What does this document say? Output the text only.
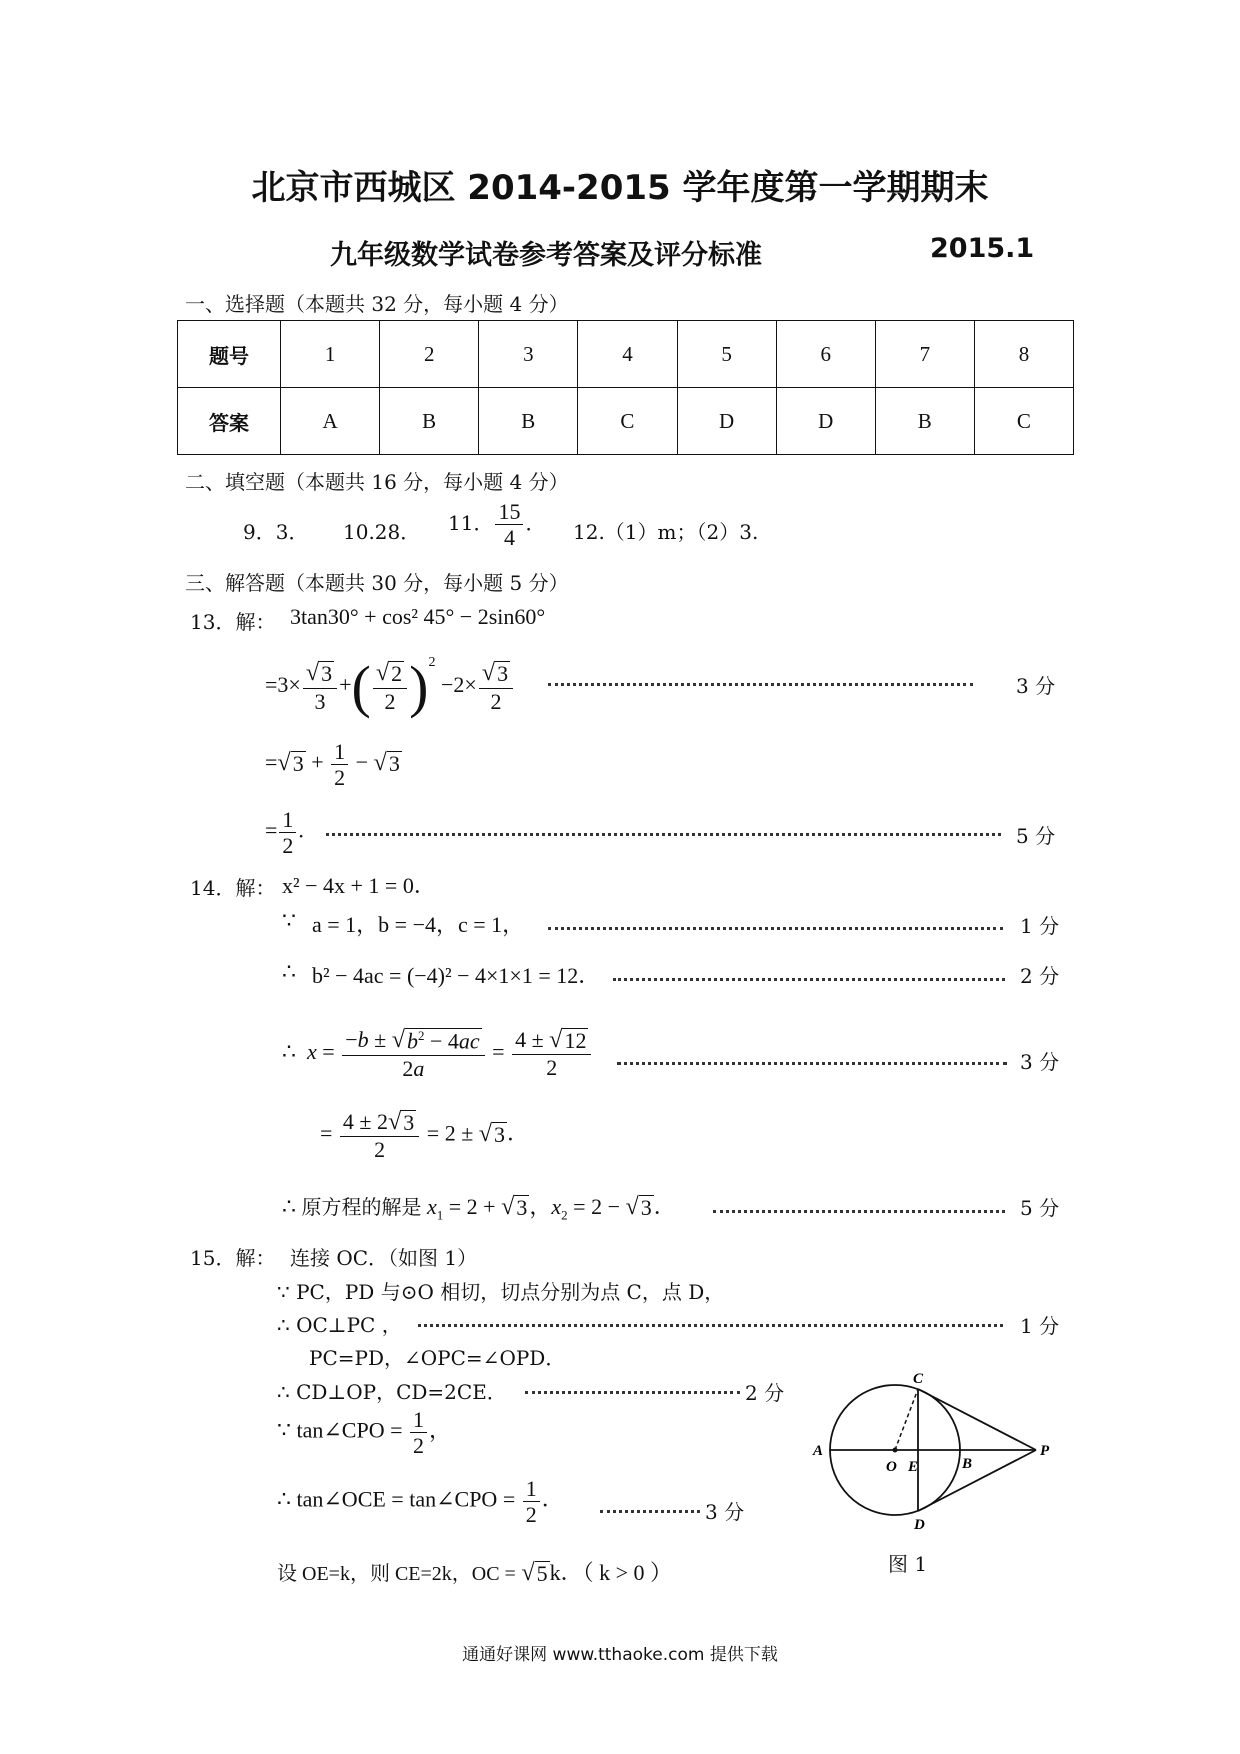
北京市西城区 2014-2015 学年度第一学期期末
九年级数学试卷参考答案及评分标准	2015.1
一、选择题（本题共 32 分，每小题 4 分）
题号	1	2	3	4	5	6	7	8
答案	A	B	B	C	D	D	B	C
二、填空题（本题共 16 分，每小题 4 分）
9．3． 10.28． 11． $\frac{15}{4}$ ． 12.（1）m；（2）3.
三、解答题（本题共 30 分，每小题 5 分）
13．解： 3tan30° + cos² 45° − 2sin60°
$=3\times \frac{√ 3}{3}$ +( $\frac{√ 2}{2} )^2 -2\times \frac{√ 3}{2}$	3 分
= √ $3 + \frac{1}{2}$ − √ 3
= $\frac{1}{2}$ .	5 分
14．解： x² − 4x + 1 = 0．
∵ a = 1，b = −4，c = 1，	1 分
∴ b² − 4ac = (−4)² − 4×1×1 = 12．	2 分
∴  $x = \frac{-b \pm √ b^2 - 4ac}{2a} = \frac{4 \pm √ 12}{2}$	3 分
= $\frac{4 \pm 2 √ 3}{2} = 2$ ± √ 3 ．
∴ 原方程的解是 $x_1 = 2$ + √ 3 ，$x_2 = 2$ − √ 3 ．	5 分
15．解： 连接 OC．（如图 1）
∵ PC，PD 与⊙O 相切，切点分别为点 C，点 D，
∴ OC⊥PC ，	1 分
PC=PD，∠OPC=∠OPD．
∴ CD⊥OP，CD=2CE．	2 分
∵ tan∠CPO = $\frac{1}{2}$ ，
∴ tan∠OCE = tan∠CPO = $\frac{1}{2}$ ．
3 分
设 OE=k，则 CE=2k，OC = √ 5 k．（ k > 0 ）
A
O E	B
P
C
D
图 1
通通好课网 www.tthaoke.com 提供下载
